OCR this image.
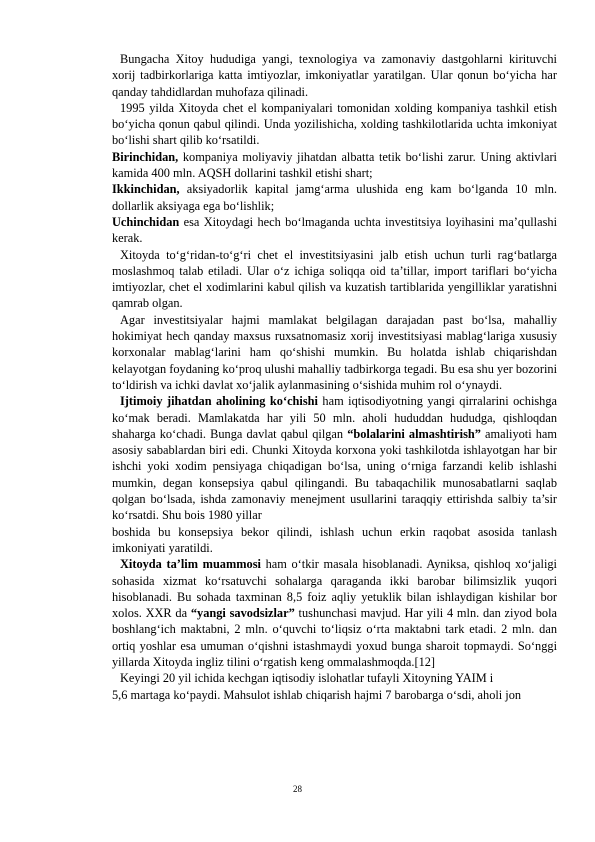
Bungacha Xitoy hududiga yangi, texnologiya va zamonaviy dastgohlarni kirituvchi xorij tadbirkorlariga katta imtiyozlar, imkoniyatlar yaratilgan. Ular qonun bo‘yicha har qanday tahdidlardan muhofaza qilinadi.

1995 yilda Xitoyda chet el kompaniyalari tomonidan xolding kompaniya tashkil etish bo‘yicha qonun qabul qilindi. Unda yozilishicha, xolding tashkilotlarida uchta imkoniyat bo‘lishi shart qilib ko‘rsatildi.

Birinchidan, kompaniya moliyaviy jihatdan albatta tetik bo‘lishi zarur. Uning aktivlari kamida 400 mln. AQSH dollarini tashkil etishi shart;

Ikkinchidan, aksiyadorlik kapital jamg‘arma ulushida eng kam bo‘lganda 10 mln. dollarlik aksiyaga ega bo‘lishlik;

Uchinchidan esa Xitoydagi hech bo‘lmaganda uchta investitsiya loyihasini ma’qullashi kerak.

Xitoyda to‘g‘ridan-to‘g‘ri chet el investitsiyasini jalb etish uchun turli rag‘batlarga moslashmoq talab etiladi. Ular o‘z ichiga soliqqa oid ta’tillar, import tariflari bo‘yicha imtiyozlar, chet el xodimlarini kabul qilish va kuzatish tartiblarida yengilliklar yaratishni qamrab olgan.

Agar investitsiyalar hajmi mamlakat belgilagan darajadan past bo‘lsa, mahalliy hokimiyat hech qanday maxsus ruxsatnomasiz xorij investitsiyasi mablag‘lariga xususiy korxonalar mablag‘larini ham qo‘shishi mumkin. Bu holatda ishlab chiqarishdan kelayotgan foydaning ko‘proq ulushi mahalliy tadbirkorga tegadi. Bu esa shu yer bozorini to‘ldirish va ichki davlat xo‘jalik aylanmasining o‘sishida muhim rol o‘ynaydi.

Ijtimoiy jihatdan aholining ko‘chishi ham iqtisodiyotning yangi qirralarini ochishga ko‘mak beradi. Mamlakatda har yili 50 mln. aholi hududdan hududga, qishloqdan shaharga ko‘chadi. Bunga davlat qabul qilgan “bolalarini almashtirish” amaliyoti ham asosiy sabablardan biri edi. Chunki Xitoyda korxona yoki tashkilotda ishlayotgan har bir ishchi yoki xodim pensiyaga chiqadigan bo‘lsa, uning o‘rniga farzandi kelib ishlashi mumkin, degan konsepsiya qabul qilingandi. Bu tabaqachilik munosabatlarni saqlab qolgan bo‘lsada, ishda zamonaviy menejment usullarini taraqqiy ettirishda salbiy ta’sir ko‘rsatdi. Shu bois 1980 yillar

boshida bu konsepsiya bekor qilindi, ishlash uchun erkin raqobat asosida tanlash imkoniyati yaratildi.

Xitoyda ta’lim muammosi ham o‘tkir masala hisoblanadi. Ayniksa, qishloq xo‘jaligi sohasida xizmat ko‘rsatuvchi sohalarga qaraganda ikki barobar bilimsizlik yuqori hisoblanadi. Bu sohada taxminan 8,5 foiz aqliy yetuklik bilan ishlaydigan kishilar bor xolos. XXR da “yangi savodsizlar” tushunchasi mavjud. Har yili 4 mln. dan ziyod bola boshlang‘ich maktabni, 2 mln. o‘quvchi to‘liqsiz o‘rta maktabni tark etadi. 2 mln. dan ortiq yoshlar esa umuman o‘qishni istashmaydi yoxud bunga sharoit topmaydi. So‘nggi yillarda Xitoyda ingliz tilini o‘rgatish keng ommalashmoqda.[12]

Keyingi 20 yil ichida kechgan iqtisodiy islohatlar tufayli Xitoyning YAIM i

5,6 martaga ko‘paydi. Mahsulot ishlab chiqarish hajmi 7 barobarga o‘sdi, aholi jon

28
